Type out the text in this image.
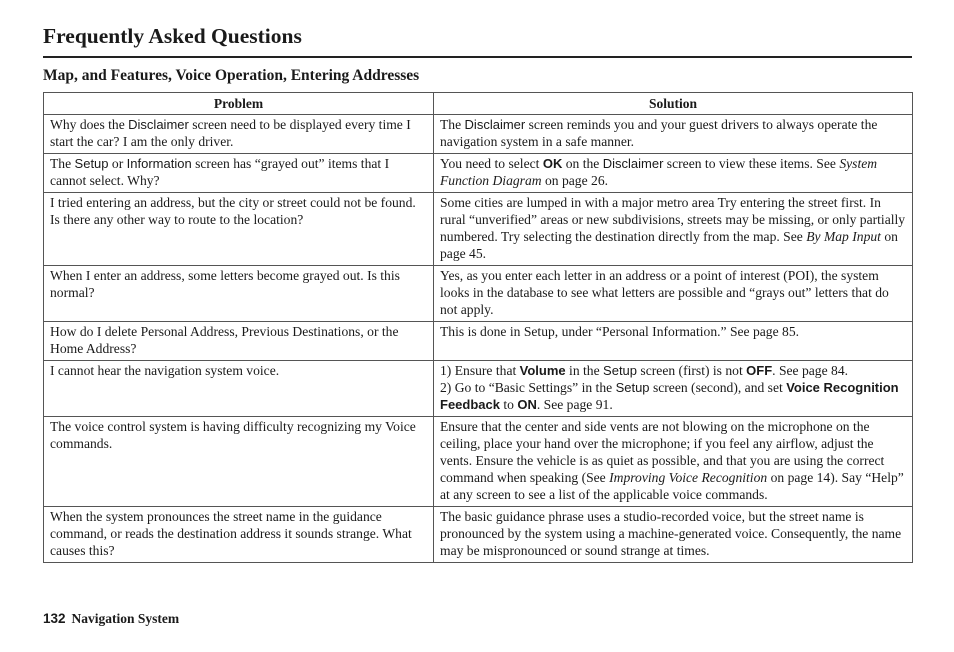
Frequently Asked Questions
Map, and Features, Voice Operation, Entering Addresses
Problem	Solution
Why does the Disclaimer screen need to be displayed every time I start the car? I am the only driver.	The Disclaimer screen reminds you and your guest drivers to always operate the navigation system in a safe manner.
The Setup or Information screen has “grayed out” items that I cannot select. Why?	You need to select OK on the Disclaimer screen to view these items. See System Function Diagram on page 26.
I tried entering an address, but the city or street could not be found. Is there any other way to route to the location?	Some cities are lumped in with a major metro area Try entering the street first. In rural “unverified” areas or new subdivisions, streets may be missing, or only partially numbered. Try selecting the destination directly from the map. See By Map Input on page 45.
When I enter an address, some letters become grayed out. Is this normal?	Yes, as you enter each letter in an address or a point of interest (POI), the system looks in the database to see what letters are possible and “grays out” letters that do not apply.
How do I delete Personal Address, Previous Destinations, or the Home Address?	This is done in Setup, under “Personal Information.” See page 85.
I cannot hear the navigation system voice.	1) Ensure that Volume in the Setup screen (first) is not OFF. See page 84.
2) Go to “Basic Settings” in the Setup screen (second), and set Voice Recognition Feedback to ON. See page 91.
The voice control system is having difficulty recognizing my Voice commands.	Ensure that the center and side vents are not blowing on the microphone on the ceiling, place your hand over the microphone; if you feel any airflow, adjust the vents. Ensure the vehicle is as quiet as possible, and that you are using the correct command when speaking (See Improving Voice Recognition on page 14). Say “Help” at any screen to see a list of the applicable voice commands.
When the system pronounces the street name in the guidance command, or reads the destination address it sounds strange. What causes this?	The basic guidance phrase uses a studio-recorded voice, but the street name is pronounced by the system using a machine-generated voice. Consequently, the name may be mispronounced or sound strange at times.
132 Navigation System
